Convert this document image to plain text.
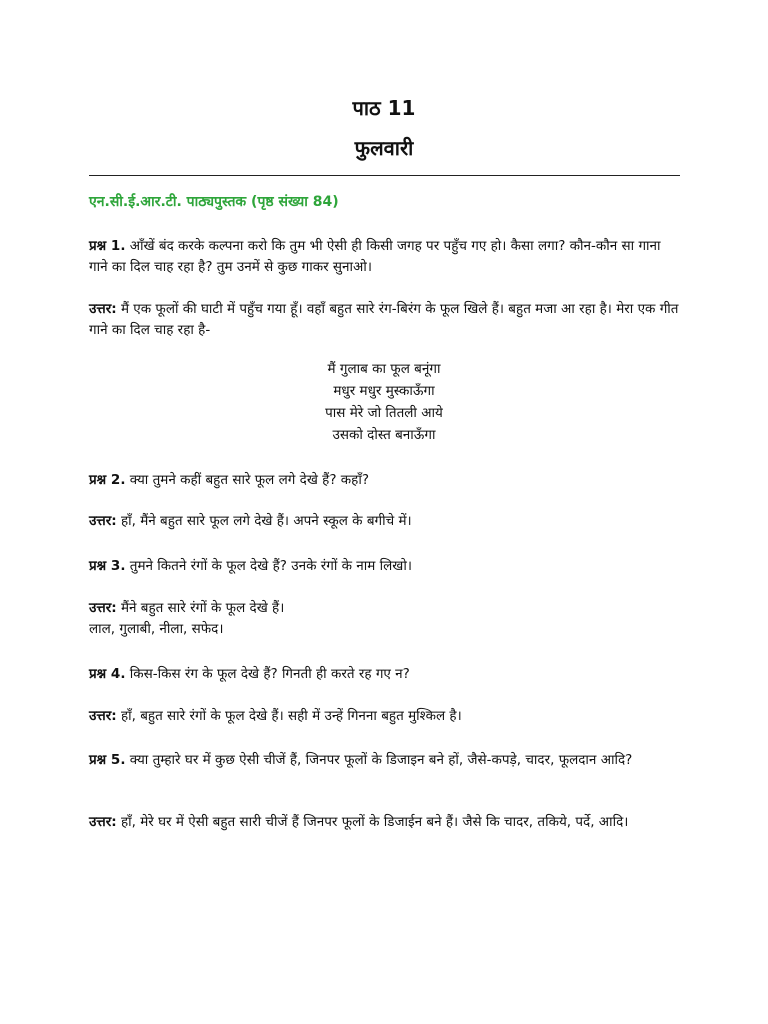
पाठ 11
फुलवारी
एन.सी.ई.आर.टी. पाठ्यपुस्तक (पृष्ठ संख्या 84)

प्रश्न 1. आँखें बंद करके कल्पना करो कि तुम भी ऐसी ही किसी जगह पर पहुँच गए हो। कैसा लगा? कौन-कौन सा गाना गाने का दिल चाह रहा है? तुम उनमें से कुछ गाकर सुनाओ।

उत्तर: मैं एक फूलों की घाटी में पहुँच गया हूँ। वहाँ बहुत सारे रंग-बिरंग के फूल खिले हैं। बहुत मजा आ रहा है। मेरा एक गीत गाने का दिल चाह रहा है-

मैं गुलाब का फूल बनूंगा
मधुर मधुर मुस्काऊँगा
पास मेरे जो तितली आये
उसको दोस्त बनाऊँगा

प्रश्न 2. क्या तुमने कहीं बहुत सारे फूल लगे देखे हैं? कहाँ?

उत्तर: हाँ, मैंने बहुत सारे फूल लगे देखे हैं। अपने स्कूल के बगीचे में।

प्रश्न 3. तुमने कितने रंगों के फूल देखे हैं? उनके रंगों के नाम लिखो।

उत्तर: मैंने बहुत सारे रंगों के फूल देखे हैं।
लाल, गुलाबी, नीला, सफेद।

प्रश्न 4. किस-किस रंग के फूल देखे हैं? गिनती ही करते रह गए न?

उत्तर: हाँ, बहुत सारे रंगों के फूल देखे हैं। सही में उन्हें गिनना बहुत मुश्किल है।

प्रश्न 5. क्या तुम्हारे घर में कुछ ऐसी चीजें हैं, जिनपर फूलों के डिजाइन बने हों, जैसे-कपड़े, चादर, फूलदान आदि?

उत्तर: हाँ, मेरे घर में ऐसी बहुत सारी चीजें हैं जिनपर फूलों के डिजाईन बने हैं। जैसे कि चादर, तकिये, पर्दे, आदि।
